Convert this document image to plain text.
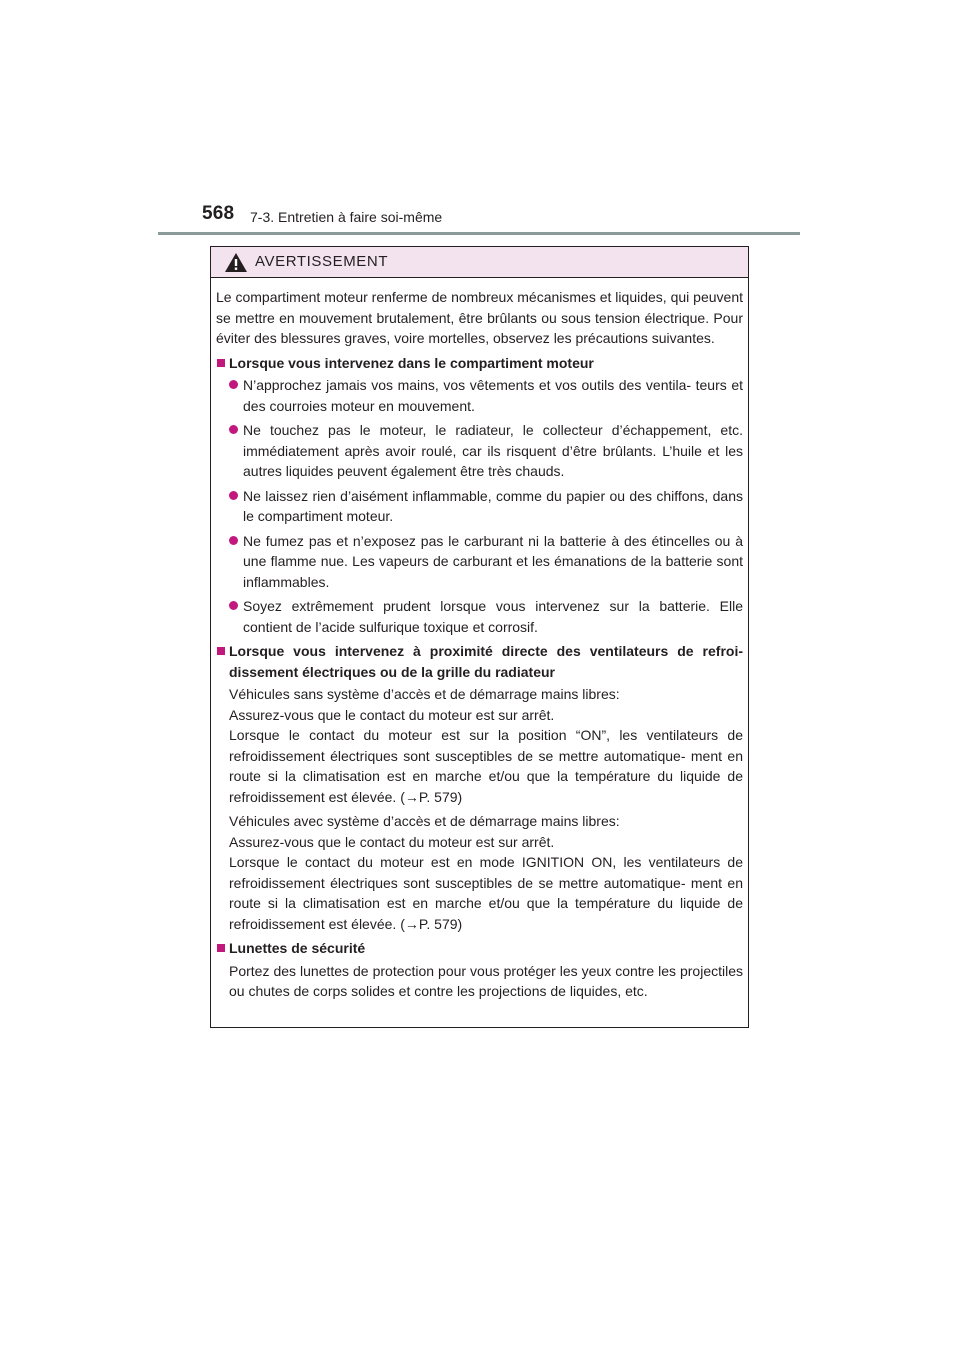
568 7-3. Entretien à faire soi-même
AVERTISSEMENT

Le compartiment moteur renferme de nombreux mécanismes et liquides, qui peuvent se mettre en mouvement brutalement, être brûlants ou sous tension électrique. Pour éviter des blessures graves, voire mortelles, observez les précautions suivantes.

Lorsque vous intervenez dans le compartiment moteur

N’approchez jamais vos mains, vos vêtements et vos outils des ventila- teurs et des courroies moteur en mouvement.

Ne touchez pas le moteur, le radiateur, le collecteur d’échappement, etc. immédiatement après avoir roulé, car ils risquent d’être brûlants. L’huile et les autres liquides peuvent également être très chauds.

Ne laissez rien d’aisément inflammable, comme du papier ou des chiffons, dans le compartiment moteur.

Ne fumez pas et n’exposez pas le carburant ni la batterie à des étincelles ou à une flamme nue. Les vapeurs de carburant et les émanations de la batterie sont inflammables.

Soyez extrêmement prudent lorsque vous intervenez sur la batterie. Elle contient de l’acide sulfurique toxique et corrosif.

Lorsque vous intervenez à proximité directe des ventilateurs de refroi- dissement électriques ou de la grille du radiateur

Véhicules sans système d’accès et de démarrage mains libres:

Assurez-vous que le contact du moteur est sur arrêt.

Lorsque le contact du moteur est sur la position “ON”, les ventilateurs de refroidissement électriques sont susceptibles de se mettre automatique- ment en route si la climatisation est en marche et/ou que la température du liquide de refroidissement est élevée. (→P. 579)

Véhicules avec système d’accès et de démarrage mains libres:

Assurez-vous que le contact du moteur est sur arrêt.

Lorsque le contact du moteur est en mode IGNITION ON, les ventilateurs de refroidissement électriques sont susceptibles de se mettre automatique- ment en route si la climatisation est en marche et/ou que la température du liquide de refroidissement est élevée. (→P. 579)

Lunettes de sécurité

Portez des lunettes de protection pour vous protéger les yeux contre les projectiles ou chutes de corps solides et contre les projections de liquides, etc.
